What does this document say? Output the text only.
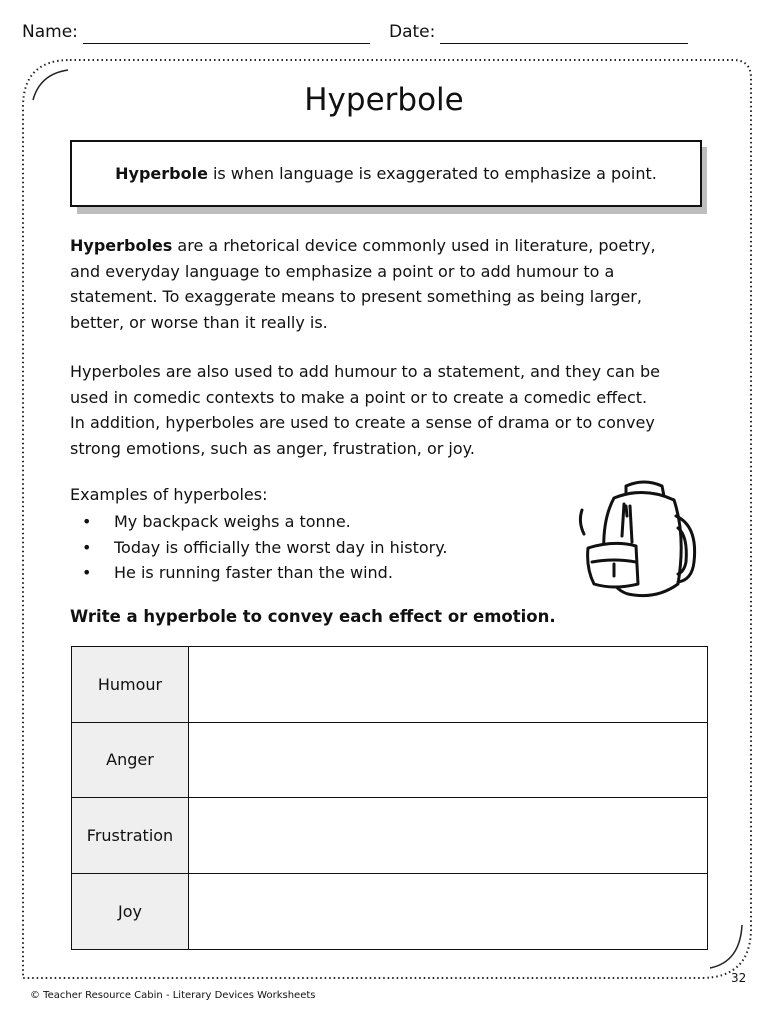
Name:	Date:
Hyperbole
Hyperbole is when language is exaggerated to emphasize a point.
Hyperboles are a rhetorical device commonly used in literature, poetry,
and everyday language to emphasize a point or to add humour to a
statement. To exaggerate means to present something as being larger,
better, or worse than it really is.
Hyperboles are also used to add humour to a statement, and they can be
used in comedic contexts to make a point or to create a comedic effect.
In addition, hyperboles are used to create a sense of drama or to convey
strong emotions, such as anger, frustration, or joy.
Examples of hyperboles:
•	My backpack weighs a tonne.
•	Today is officially the worst day in history.
•	He is running faster than the wind.
Write a hyperbole to convey each effect or emotion.
Humour
Anger
Frustration
Joy
32
© Teacher Resource Cabin - Literary Devices Worksheets
